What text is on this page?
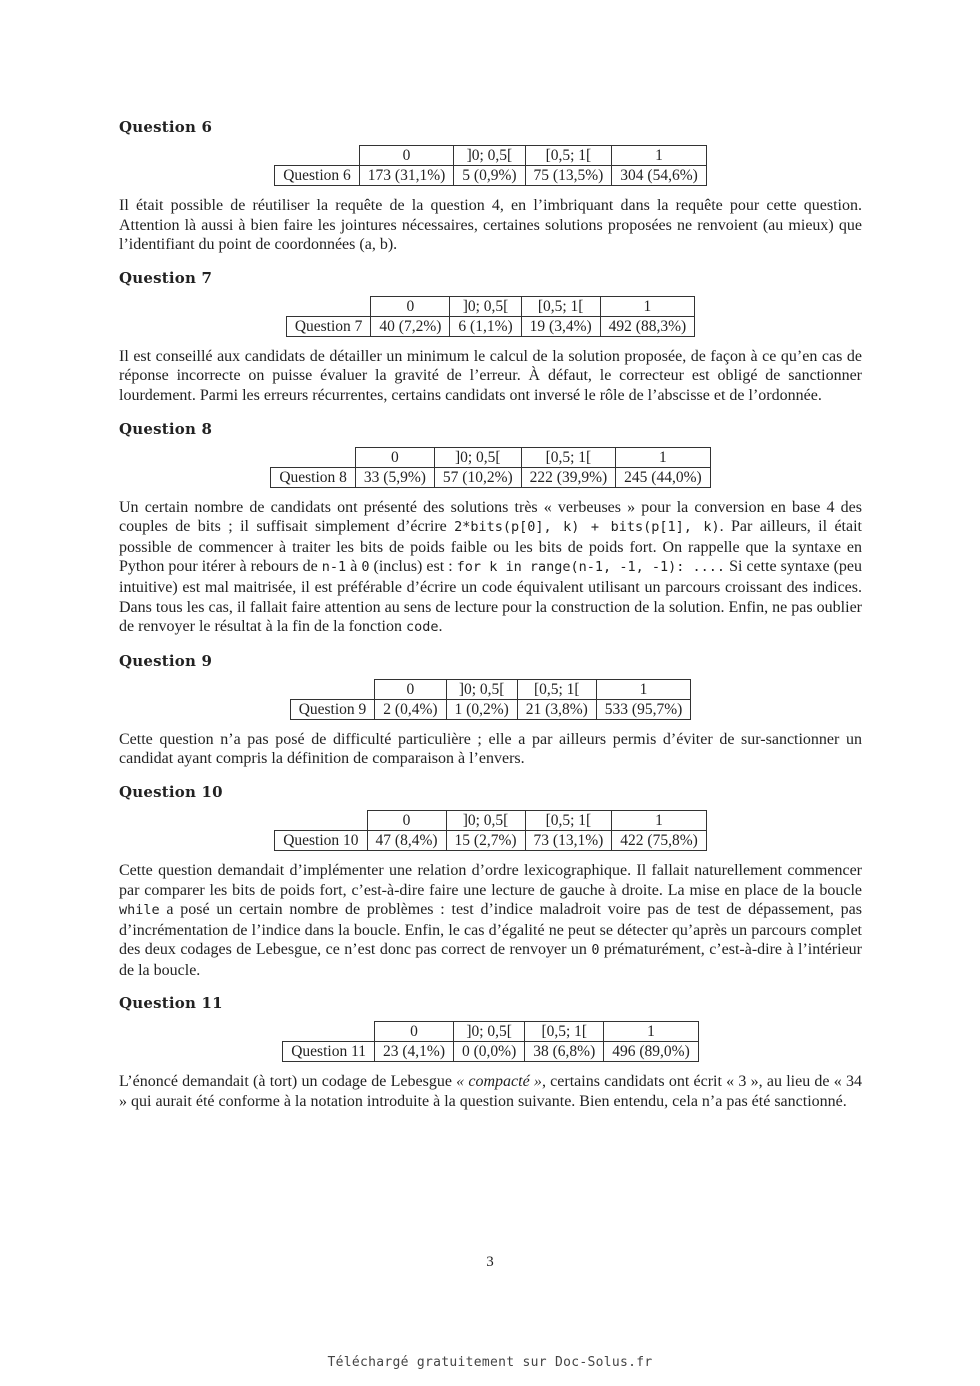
Question 6
	0	]0; 0,5[	[0,5; 1[	1
Question 6	173 (31,1%)	5 (0,9%)	75 (13,5%)	304 (54,6%)

Il était possible de réutiliser la requête de la question 4, en l’imbriquant dans la requête pour cette question. Attention là aussi à bien faire les jointures nécessaires, certaines solutions proposées ne renvoient (au mieux) que l’identifiant du point de coordonnées (a, b).

Question 7
	0	]0; 0,5[	[0,5; 1[	1
Question 7	40 (7,2%)	6 (1,1%)	19 (3,4%)	492 (88,3%)

Il est conseillé aux candidats de détailler un minimum le calcul de la solution proposée, de façon à ce qu’en cas de réponse incorrecte on puisse évaluer la gravité de l’erreur. À défaut, le correcteur est obligé de sanctionner lourdement. Parmi les erreurs récurrentes, certains candidats ont inversé le rôle de l’abscisse et de l’ordonnée.

Question 8
	0	]0; 0,5[	[0,5; 1[	1
Question 8	33 (5,9%)	57 (10,2%)	222 (39,9%)	245 (44,0%)

Un certain nombre de candidats ont présenté des solutions très « verbeuses » pour la conversion en base 4 des couples de bits ; il suffisait simplement d’écrire 2*bits(p[0], k) + bits(p[1], k). Par ailleurs, il était possible de commencer à traiter les bits de poids faible ou les bits de poids fort. On rappelle que la syntaxe en Python pour itérer à rebours de n-1 à 0 (inclus) est : for k in range(n-1, -1, -1): .... Si cette syntaxe (peu intuitive) est mal maitrisée, il est préférable d’écrire un code équivalent utilisant un parcours croissant des indices. Dans tous les cas, il fallait faire attention au sens de lecture pour la construction de la solution. Enfin, ne pas oublier de renvoyer le résultat à la fin de la fonction code.

Question 9
	0	]0; 0,5[	[0,5; 1[	1
Question 9	2 (0,4%)	1 (0,2%)	21 (3,8%)	533 (95,7%)

Cette question n’a pas posé de difficulté particulière ; elle a par ailleurs permis d’éviter de sur-sanctionner un candidat ayant compris la définition de comparaison à l’envers.

Question 10
	0	]0; 0,5[	[0,5; 1[	1
Question 10	47 (8,4%)	15 (2,7%)	73 (13,1%)	422 (75,8%)

Cette question demandait d’implémenter une relation d’ordre lexicographique. Il fallait naturellement commencer par comparer les bits de poids fort, c’est-à-dire faire une lecture de gauche à droite. La mise en place de la boucle while a posé un certain nombre de problèmes : test d’indice maladroit voire pas de test de dépassement, pas d’incrémentation de l’indice dans la boucle. Enfin, le cas d’égalité ne peut se détecter qu’après un parcours complet des deux codages de Lebesgue, ce n’est donc pas correct de renvoyer un 0 prématurément, c’est-à-dire à l’intérieur de la boucle.

Question 11
	0	]0; 0,5[	[0,5; 1[	1
Question 11	23 (4,1%)	0 (0,0%)	38 (6,8%)	496 (89,0%)

L’énoncé demandait (à tort) un codage de Lebesgue « compacté », certains candidats ont écrit « 3 », au lieu de « 34 » qui aurait été conforme à la notation introduite à la question suivante. Bien entendu, cela n’a pas été sanctionné.

3
Téléchargé gratuitement sur Doc-Solus.fr
